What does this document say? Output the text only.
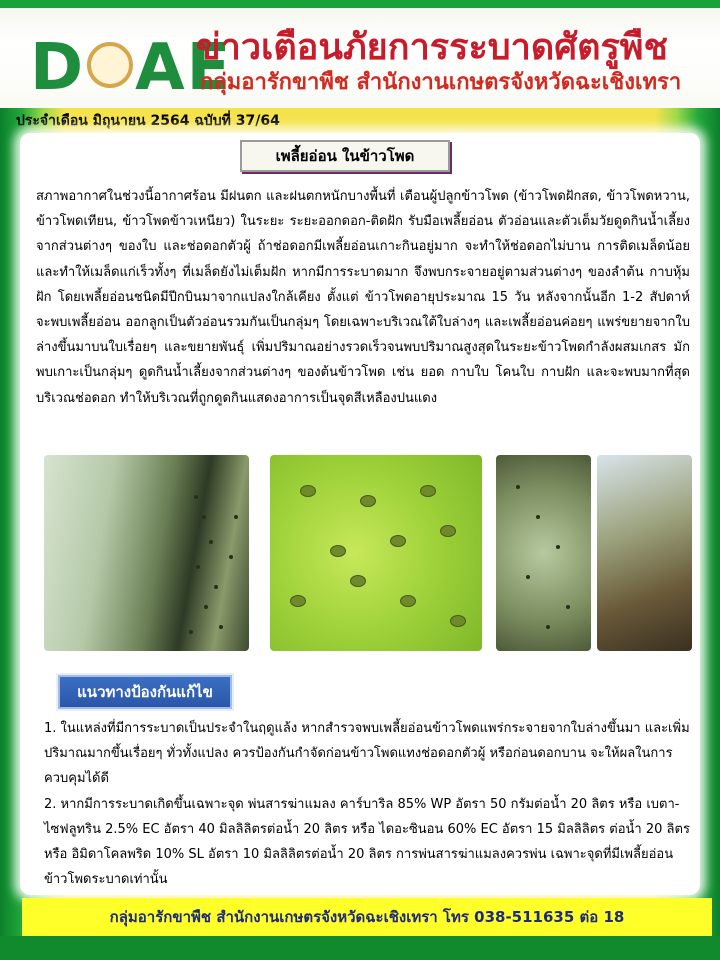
D AE
ข่าวเตือนภัยการระบาดศัตรูพืช
กลุ่มอารักขาพืช สำนักงานเกษตรจังหวัดฉะเชิงเทรา
ประจำเดือน มิถุนายน 2564 ฉบับที่ 37/64
เพลี้ยอ่อน ในข้าวโพด
สภาพอากาศในช่วงนี้อากาศร้อน มีฝนตก และฝนตกหนักบางพื้นที่ เตือนผู้ปลูกข้าวโพด (ข้าวโพดฝักสด, ข้าวโพดหวาน, ข้าวโพดเทียน, ข้าวโพดข้าวเหนียว) ในระยะ ระยะออกดอก-ติดฝัก รับมือเพลี้ยอ่อน ตัวอ่อนและตัวเต็มวัยดูดกินน้ำเลี้ยงจากส่วนต่างๆ ของใบ และช่อดอกตัวผู้ ถ้าช่อดอกมีเพลี้ยอ่อนเกาะกินอยู่มาก จะทำให้ช่อดอกไม่บาน การติดเมล็ดน้อยและทำให้เมล็ดแก่เร็วทั้งๆ ที่เมล็ดยังไม่เต็มฝัก หากมีการระบาดมาก จึงพบกระจายอยู่ตามส่วนต่างๆ ของลำต้น กาบหุ้มฝัก โดยเพลี้ยอ่อนชนิดมีปีกบินมาจากแปลงใกล้เคียง ตั้งแต่ ข้าวโพดอายุประมาณ 15 วัน หลังจากนั้นอีก 1-2 สัปดาห์ จะพบเพลี้ยอ่อน ออกลูกเป็นตัวอ่อนรวมกันเป็นกลุ่มๆ โดยเฉพาะบริเวณใต้ใบล่างๆ และเพลี้ยอ่อนค่อยๆ แพร่ขยายจากใบล่างขึ้นมาบนใบเรื่อยๆ และขยายพันธุ์ เพิ่มปริมาณอย่างรวดเร็วจนพบปริมาณสูงสุดในระยะข้าวโพดกำลังผสมเกสร มักพบเกาะเป็นกลุ่มๆ ดูดกินน้ำเลี้ยงจากส่วนต่างๆ ของต้นข้าวโพด เช่น ยอด กาบใบ โคนใบ กาบฝัก และจะพบมากที่สุดบริเวณช่อดอก ทำให้บริเวณที่ถูกดูดกินแสดงอาการเป็นจุดสีเหลืองปนแดง
แนวทางป้องกันแก้ไข

1. ในแหล่งที่มีการระบาดเป็นประจำในฤดูแล้ง หากสำรวจพบเพลี้ยอ่อนข้าวโพดแพร่กระจายจากใบล่างขึ้นมา และเพิ่มปริมาณมากขึ้นเรื่อยๆ ทั่วทั้งแปลง ควรป้องกันกำจัดก่อนข้าวโพดแทงช่อดอกตัวผู้ หรือก่อนดอกบาน จะให้ผลในการควบคุมได้ดี

2. หากมีการระบาดเกิดขึ้นเฉพาะจุด พ่นสารฆ่าแมลง คาร์บาริล 85% WP อัตรา 50 กรัมต่อน้ำ 20 ลิตร หรือ เบตา-ไซฟลูทริน 2.5% EC อัตรา 40 มิลลิลิตรต่อน้ำ 20 ลิตร หรือ ไดอะซินอน 60% EC อัตรา 15 มิลลิลิตร ต่อน้ำ 20 ลิตร หรือ อิมิดาโคลพริด 10% SL อัตรา 10 มิลลิลิตรต่อน้ำ 20 ลิตร การพ่นสารฆ่าแมลงควรพ่น เฉพาะจุดที่มีเพลี้ยอ่อนข้าวโพดระบาดเท่านั้น

กลุ่มอารักขาพืช สำนักงานเกษตรจังหวัดฉะเชิงเทรา โทร 038-511635 ต่อ 18
